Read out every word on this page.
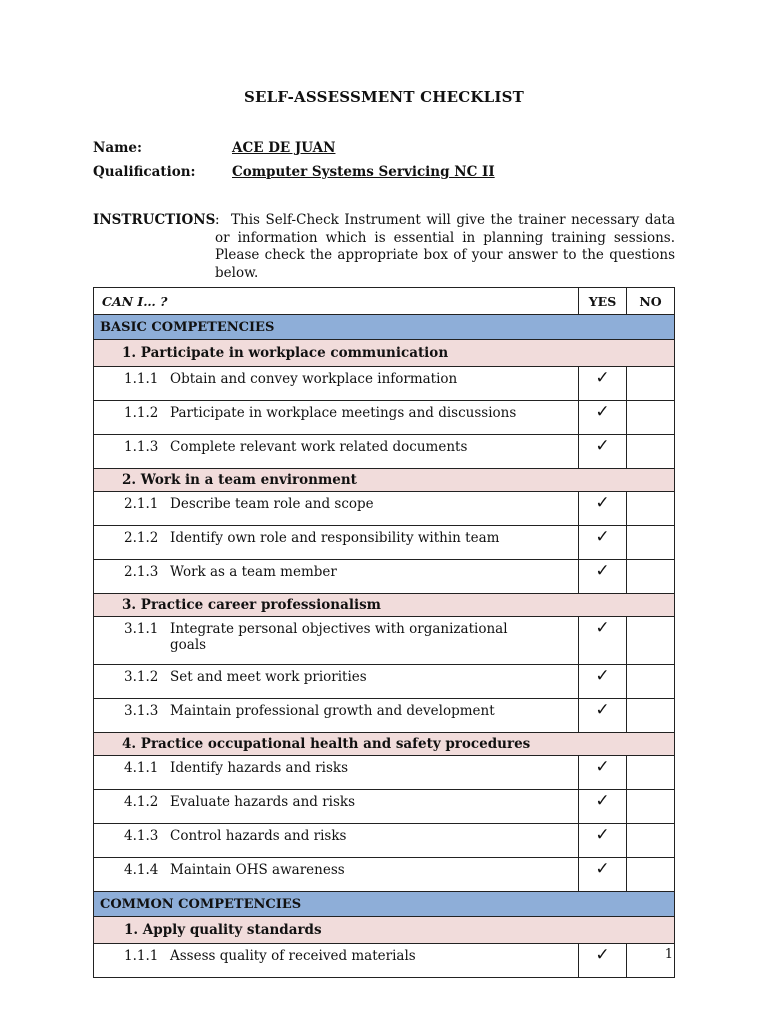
SELF-ASSESSMENT CHECKLIST
Name:	ACE DE JUAN
Qualification:	Computer Systems Servicing NC II
INSTRUCTIONS : This Self-Check Instrument will give the trainer necessary data or information which is essential in planning training sessions. Please check the appropriate box of your answer to the questions below.
CAN I… ?	YES	NO
BASIC COMPETENCIES		
1. Participate in workplace communication		
1.1.1 Obtain and convey workplace information	✓	
1.1.2 Participate in workplace meetings and discussions	✓	
1.1.3 Complete relevant work related documents	✓	
2. Work in a team environment		
2.1.1 Describe team role and scope	✓	
2.1.2 Identify own role and responsibility within team	✓	
2.1.3 Work as a team member	✓	
3. Practice career professionalism		
3.1.1 Integrate personal objectives with organizational goals	✓	
3.1.2 Set and meet work priorities	✓	
3.1.3 Maintain professional growth and development	✓	
4. Practice occupational health and safety procedures		
4.1.1 Identify hazards and risks	✓	
4.1.2 Evaluate hazards and risks	✓	
4.1.3 Control hazards and risks	✓	
4.1.4 Maintain OHS awareness	✓	
COMMON COMPETENCIES		
1. Apply quality standards		
1.1.1 Assess quality of received materials	✓		1
